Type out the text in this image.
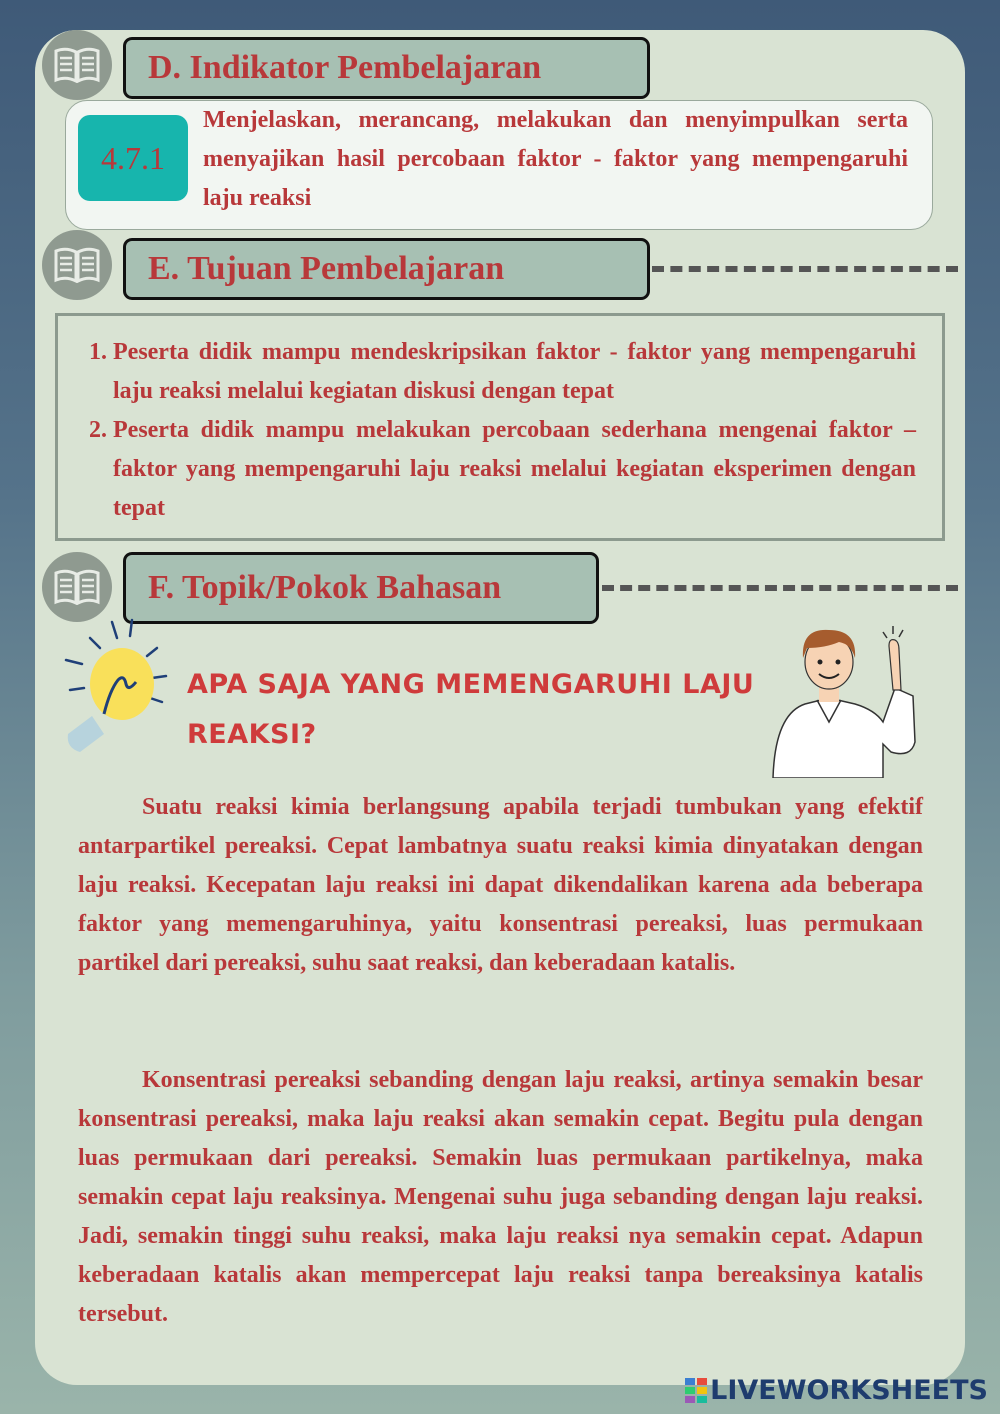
D. Indikator Pembelajaran
4.7.1
Menjelaskan, merancang, melakukan dan menyimpulkan serta menyajikan hasil percobaan faktor - faktor yang mempengaruhi laju reaksi
E. Tujuan Pembelajaran
1. Peserta didik mampu mendeskripsikan faktor - faktor yang mempengaruhi laju reaksi melalui kegiatan diskusi dengan tepat
2. Peserta didik mampu melakukan percobaan sederhana mengenai faktor – faktor yang mempengaruhi laju reaksi melalui kegiatan eksperimen dengan tepat
F. Topik/Pokok Bahasan
APA SAJA YANG MEMENGARUHI LAJU REAKSI?

Suatu reaksi kimia berlangsung apabila terjadi tumbukan yang efektif antarpartikel pereaksi. Cepat lambatnya suatu reaksi kimia dinyatakan dengan laju reaksi. Kecepatan laju reaksi ini dapat dikendalikan karena ada beberapa faktor yang memengaruhinya, yaitu konsentrasi pereaksi, luas permukaan partikel dari pereaksi, suhu saat reaksi, dan keberadaan katalis.

Konsentrasi pereaksi sebanding dengan laju reaksi, artinya semakin besar konsentrasi pereaksi, maka laju reaksi akan semakin cepat. Begitu pula dengan luas permukaan dari pereaksi. Semakin luas permukaan partikelnya, maka semakin cepat laju reaksinya. Mengenai suhu juga sebanding dengan laju reaksi. Jadi, semakin tinggi suhu reaksi, maka laju reaksi nya semakin cepat. Adapun keberadaan katalis akan mempercepat laju reaksi tanpa bereaksinya katalis tersebut.

LIVEWORKSHEETS
